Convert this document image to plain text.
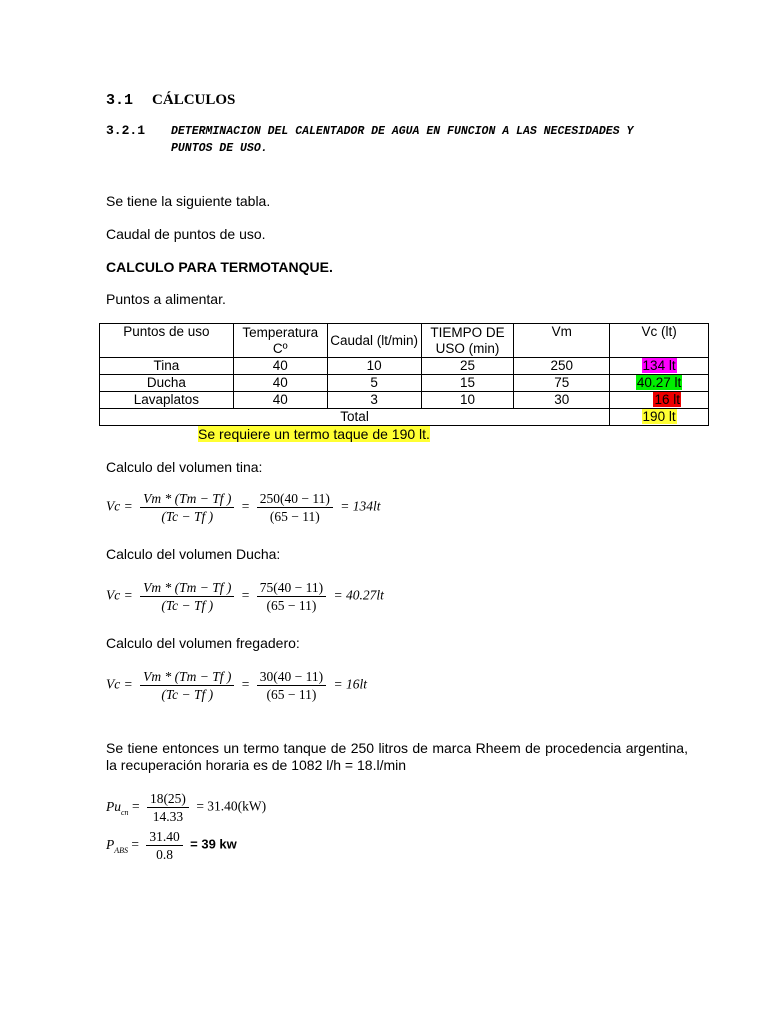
3.1 CÁLCULOS
3.2.1 DETERMINACION DEL CALENTADOR DE AGUA EN FUNCION A LAS NECESIDADES Y PUNTOS DE USO.
Se tiene la siguiente tabla.
Caudal de puntos de uso.
CALCULO PARA TERMOTANQUE.
Puntos a alimentar.
Puntos de uso	Temperatura Cº	Caudal (lt/min)	TIEMPO DE USO (min)	Vm	Vc (lt)
Tina	40	10	25	250	134 lt
Ducha	40	5	15	75	40.27 lt
Lavaplatos	40	3	10	30	16 lt
Total					190 lt
Se requiere un termo taque de 190 lt.
Calculo del volumen tina:
$Vc = \frac{Vm * (Tm - Tf )}{(Tc - Tf )} = \frac{250(40 - 11)}{(65 - 11)} = 134lt$
Calculo del volumen Ducha:
$Vc = \frac{Vm * (Tm - Tf )}{(Tc - Tf )} = \frac{75(40 - 11)}{(65 - 11)} = 40.27lt$
Calculo del volumen fregadero:
$Vc = \frac{Vm * (Tm - Tf )}{(Tc - Tf )} = \frac{30(40 - 11)}{(65 - 11)} = 16lt$
Se tiene entonces un termo tanque de 250 litros de marca Rheem de procedencia argentina, la recuperación horaria es de 1082 l/h = 18.l/min
$Pu_{cn} = \frac{18(25)}{14.33} = 31.40(kW)$
$P_{ABS} = \frac{31.40}{0.8} = 39$ kw
